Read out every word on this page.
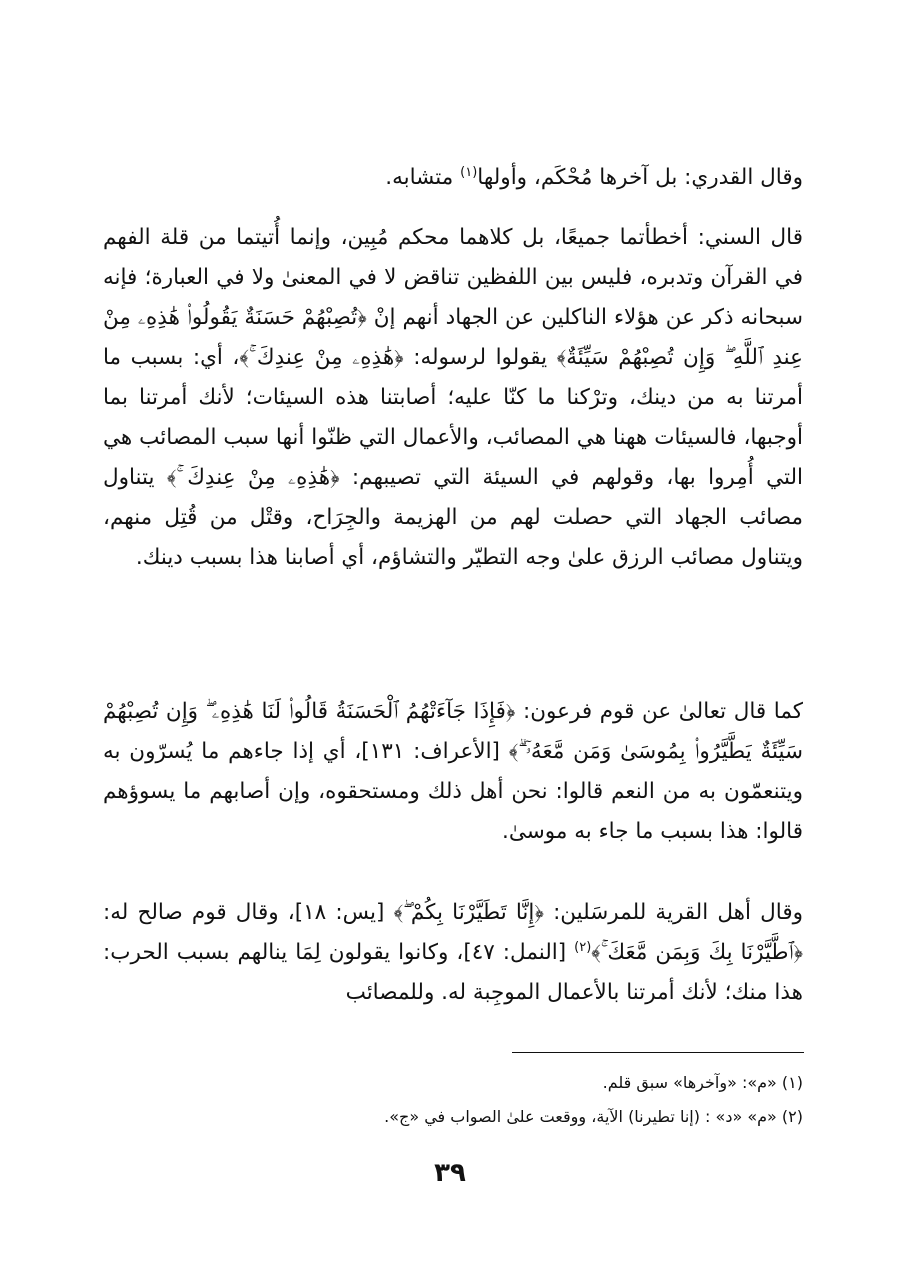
وقال القدري: بل آخرها مُحْكَم، وأولها$^{(١)}$ متشابه.

قال السني: أخطأتما جميعًا، بل كلاهما محكم مُبِين، وإنما أُتيتما من قلة الفهم في القرآن وتدبره، فليس بين اللفظين تناقض لا في المعنىٰ ولا في العبارة؛ فإنه سبحانه ذكر عن هؤلاء الناكلين عن الجهاد أنهم إنْ ﴿تُصِبْهُمْ حَسَنَةٌ يَقُولُوا۟ هَٰذِهِۦ مِنْ عِندِ ٱللَّهِ ۖ وَإِن تُصِبْهُمْ سَيِّئَةٌ﴾ يقولوا لرسوله: ﴿هَٰذِهِۦ مِنْ عِندِكَ ۚ﴾، أي: بسبب ما أمرتنا به من دينك، وترْكنا ما كنّا عليه؛ أصابتنا هذه السيئات؛ لأنك أمرتنا بما أوجبها، فالسيئات ههنا هي المصائب، والأعمال التي ظنّوا أنها سبب المصائب هي التي أُمِروا بها، وقولهم في السيئة التي تصيبهم: ﴿هَٰذِهِۦ مِنْ عِندِكَ ۚ﴾ يتناول مصائب الجهاد التي حصلت لهم من الهزيمة والجِرَاح، وقتْل من قُتِل منهم، ويتناول مصائب الرزق علىٰ وجه التطيّر والتشاؤم، أي أصابنا هذا بسبب دينك.

كما قال تعالىٰ عن قوم فرعون: ﴿فَإِذَا جَآءَتْهُمُ ٱلْحَسَنَةُ قَالُوا۟ لَنَا هَٰذِهِۦ ۖ وَإِن تُصِبْهُمْ سَيِّئَةٌ يَطَّيَّرُوا۟ بِمُوسَىٰ وَمَن مَّعَهُۥٓ ۗ﴾ [الأعراف: ١٣١]، أي إذا جاءهم ما يُسرّون به ويتنعمّون به من النعم قالوا: نحن أهل ذلك ومستحقوه، وإن أصابهم ما يسوؤهم قالوا: هذا بسبب ما جاء به موسىٰ.

وقال أهل القرية للمرسَلين: ﴿إِنَّا تَطَيَّرْنَا بِكُمْ ۖ﴾ [يس: ١٨]، وقال قوم صالح له: ﴿ٱطَّيَّرْنَا بِكَ وَبِمَن مَّعَكَ ۚ﴾$^{(٢)}$ [النمل: ٤٧]، وكانوا يقولون لِمَا ينالهم بسبب الحرب: هذا منك؛ لأنك أمرتنا بالأعمال الموجِبة له. وللمصائب

(١) «م»: «وآخرها» سبق قلم.

(٢) «م» «د» : (إنا تطيرنا) الآية، ووقعت علىٰ الصواب في «ج».

٣٩
